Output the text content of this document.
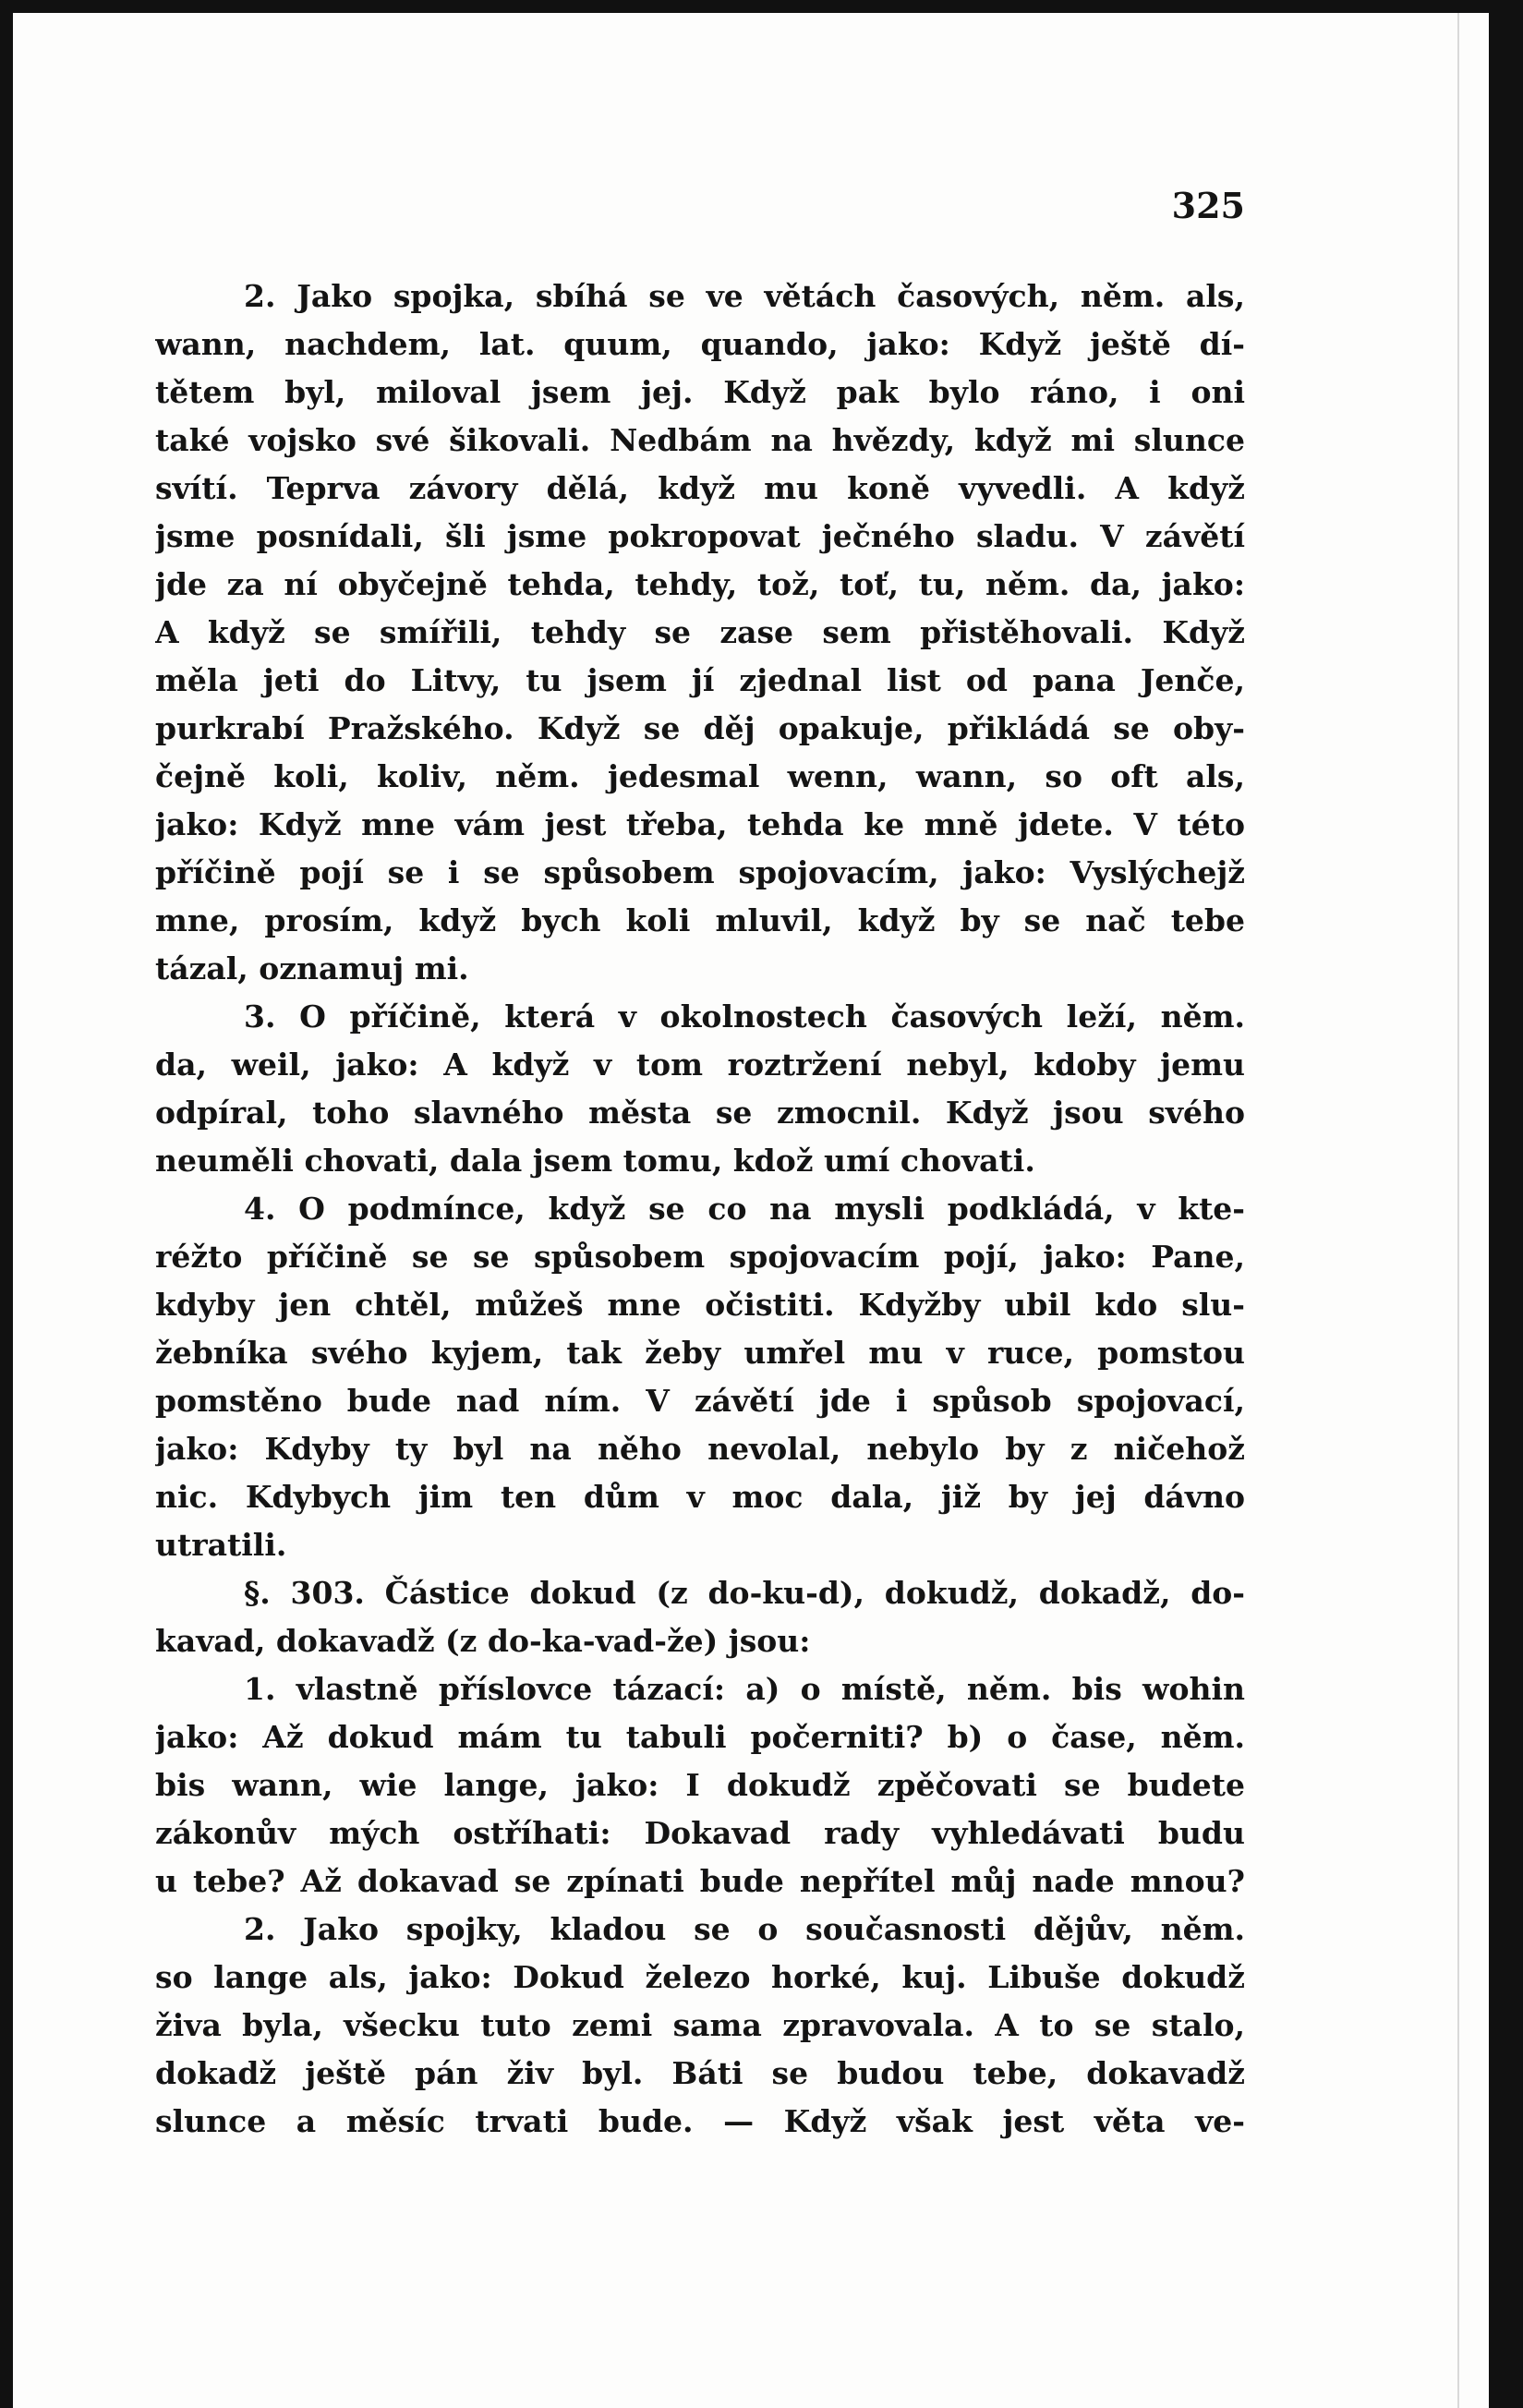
325
2. Jako spojka, sbíhá se ve větách časových, něm. als,
wann, nachdem, lat. quum, quando, jako: Když ještě dí-
tětem byl, miloval jsem jej. Když pak bylo ráno, i oni
také vojsko své šikovali. Nedbám na hvězdy, když mi slunce
svítí. Teprva závory dělá, když mu koně vyvedli. A když
jsme posnídali, šli jsme pokropovat ječného sladu. V závětí
jde za ní obyčejně tehda, tehdy, tož, toť, tu, něm. da, jako:
A když se smířili, tehdy se zase sem přistěhovali. Když
měla jeti do Litvy, tu jsem jí zjednal list od pana Jenče,
purkrabí Pražského. Když se děj opakuje, přikládá se oby-
čejně koli, koliv, něm. jedesmal wenn, wann, so oft als,
jako: Když mne vám jest třeba, tehda ke mně jdete. V této
příčině pojí se i se spůsobem spojovacím, jako: Vyslýchejž
mne, prosím, když bych koli mluvil, když by se nač tebe
tázal, oznamuj mi.
3. O příčině, která v okolnostech časových leží, něm.
da, weil, jako: A když v tom roztržení nebyl, kdoby jemu
odpíral, toho slavného města se zmocnil. Když jsou svého
neuměli chovati, dala jsem tomu, kdož umí chovati.
4. O podmínce, když se co na mysli podkládá, v kte-
réžto příčině se se spůsobem spojovacím pojí, jako: Pane,
kdyby jen chtěl, můžeš mne očistiti. Kdyžby ubil kdo slu-
žebníka svého kyjem, tak žeby umřel mu v ruce, pomstou
pomstěno bude nad ním. V závětí jde i spůsob spojovací,
jako: Kdyby ty byl na něho nevolal, nebylo by z ničehož
nic. Kdybych jim ten dům v moc dala, již by jej dávno
utratili.
§. 303. Částice dokud (z do-ku-d), dokudž, dokadž, do-
kavad, dokavadž (z do-ka-vad-že) jsou:
1. vlastně příslovce tázací: a) o místě, něm. bis wohin
jako: Až dokud mám tu tabuli počerniti? b) o čase, něm.
bis wann, wie lange, jako: I dokudž zpěčovati se budete
zákonův mých ostříhati: Dokavad rady vyhledávati budu
u tebe? Až dokavad se zpínati bude nepřítel můj nade mnou?
2. Jako spojky, kladou se o současnosti dějův, něm.
so lange als, jako: Dokud železo horké, kuj. Libuše dokudž
živa byla, všecku tuto zemi sama zpravovala. A to se stalo,
dokadž ještě pán živ byl. Báti se budou tebe, dokavadž
slunce a měsíc trvati bude. — Když však jest věta ve-
